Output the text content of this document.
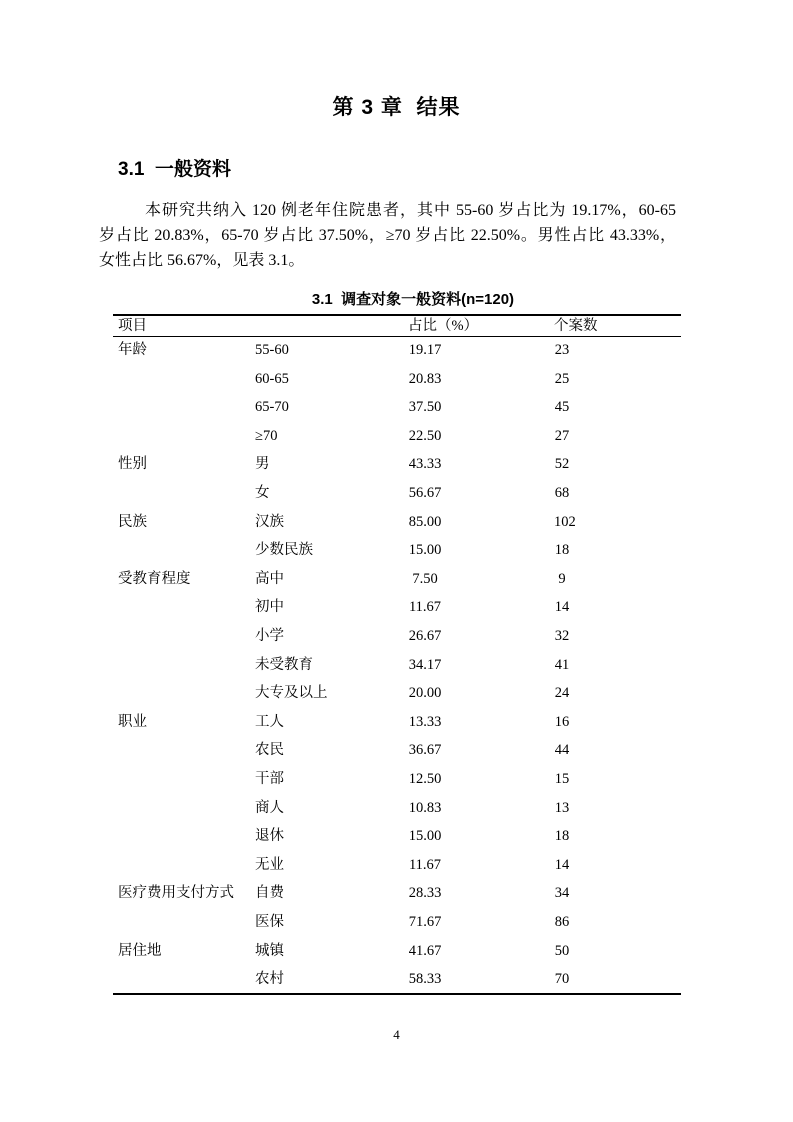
第 3 章  结果
3.1  一般资料
本研究共纳入 120 例老年住院患者，其中 55-60 岁占比为 19.17%，60-65
岁占比 20.83%，65-70 岁占比 37.50%，≥70 岁占比 22.50%。男性占比 43.33%，
女性占比 56.67%，见表 3.1。
3.1  调查对象一般资料(n=120)
项目		占比（%）	个案数
年龄	55-60	19.17	23
	60-65	20.83	25
	65-70	37.50	45
	≥70	22.50	27
性别	男	43.33	52
	女	56.67	68
民族	汉族	85.00	102
	少数民族	15.00	18
受教育程度	高中	7.50	9
	初中	11.67	14
	小学	26.67	32
	未受教育	34.17	41
	大专及以上	20.00	24
职业	工人	13.33	16
	农民	36.67	44
	干部	12.50	15
	商人	10.83	13
	退休	15.00	18
	无业	11.67	14
医疗费用支付方式	自费	28.33	34
	医保	71.67	86
居住地	城镇	41.67	50
	农村	58.33	70
4
